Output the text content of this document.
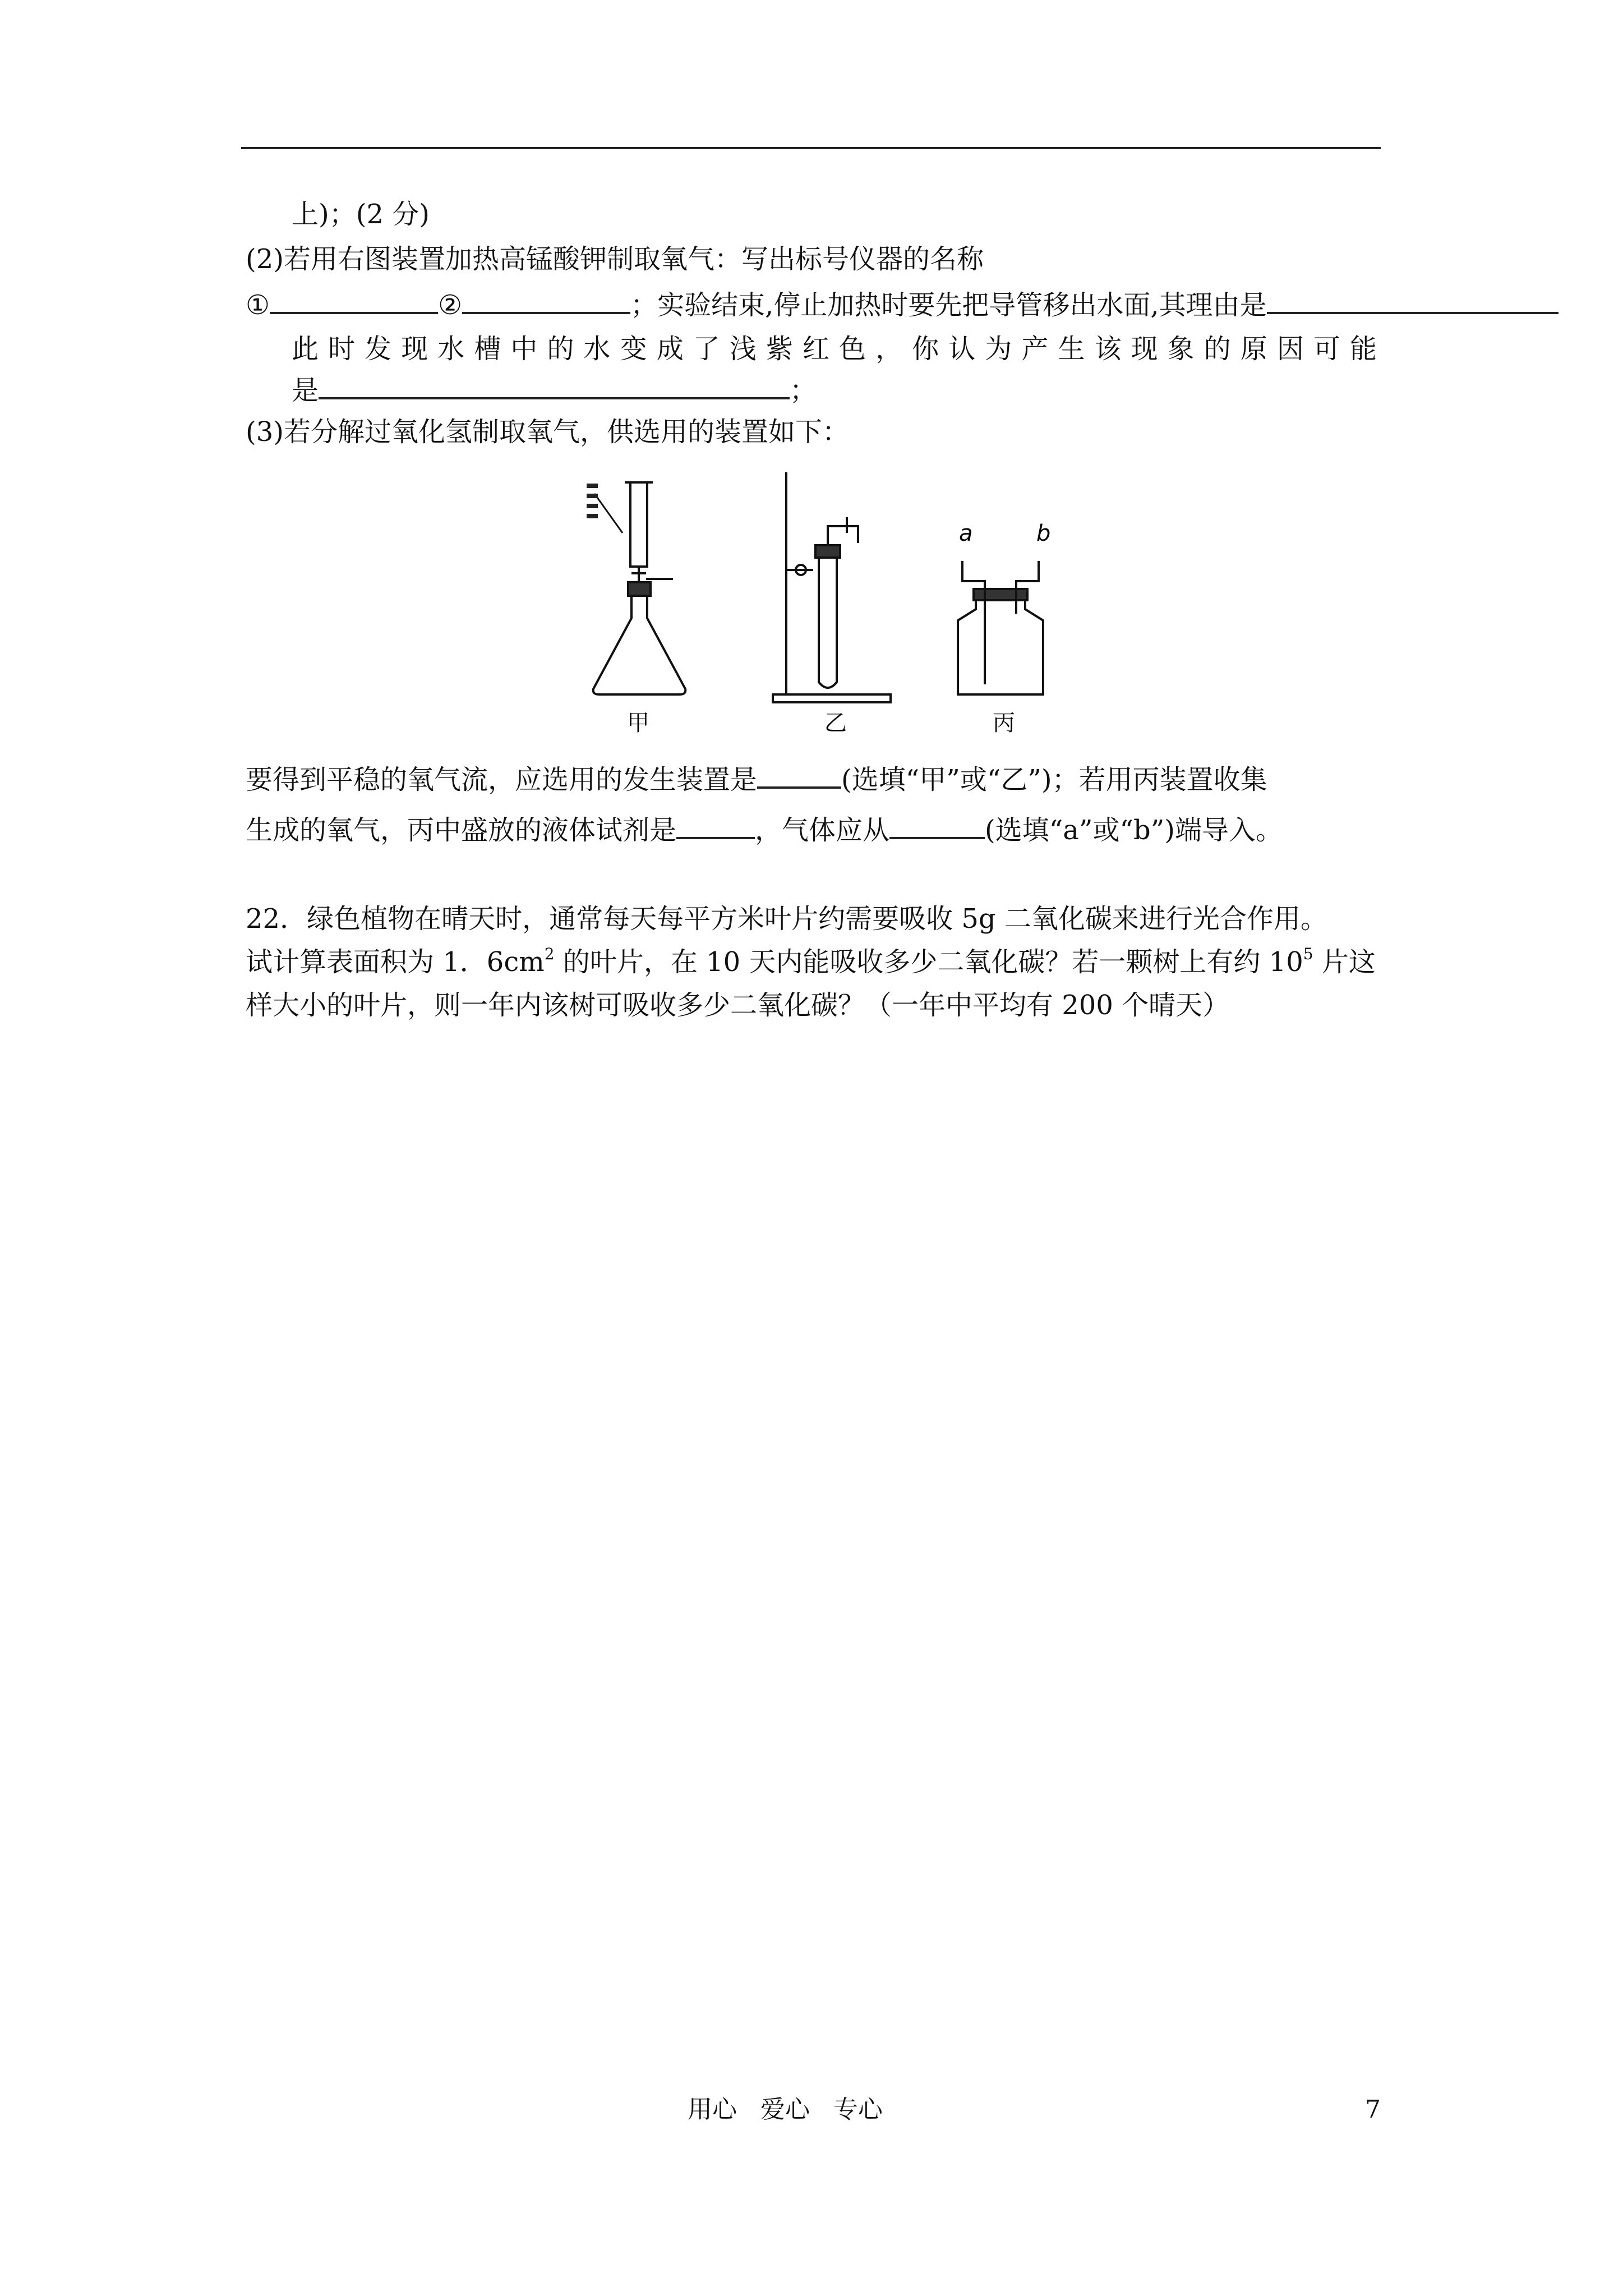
上)；(2 分)
(2)若用右图装置加热高锰酸钾制取氧气：写出标号仪器的名称
①	②	；实验结束,停止加热时要先把导管移出水面,其理由是
此 时 发 现 水 槽 中 的 水 变 成 了 浅 紫 红 色 ， 你 认 为 产 生 该 现 象 的 原 因 可 能
是	；
(3)若分解过氧化氢制取氧气，供选用的装置如下：
a	b
甲	乙	丙
要得到平稳的氧气流，应选用的发生装置是	(选填“甲”或“乙”)；若用丙装置收集
生成的氧气，丙中盛放的液体试剂是	，气体应从	(选填“a”或“b”)端导入。
22．绿色植物在晴天时，通常每天每平方米叶片约需要吸收 5g 二氧化碳来进行光合作用。
试计算表面积为 1．$6cm^2$ 的叶片，在 10 天内能吸收多少二氧化碳？若一颗树上有约 $10^5$ 片这
样大小的叶片，则一年内该树可吸收多少二氧化碳？（一年中平均有 200 个晴天）
用心   爱心   专心	7
